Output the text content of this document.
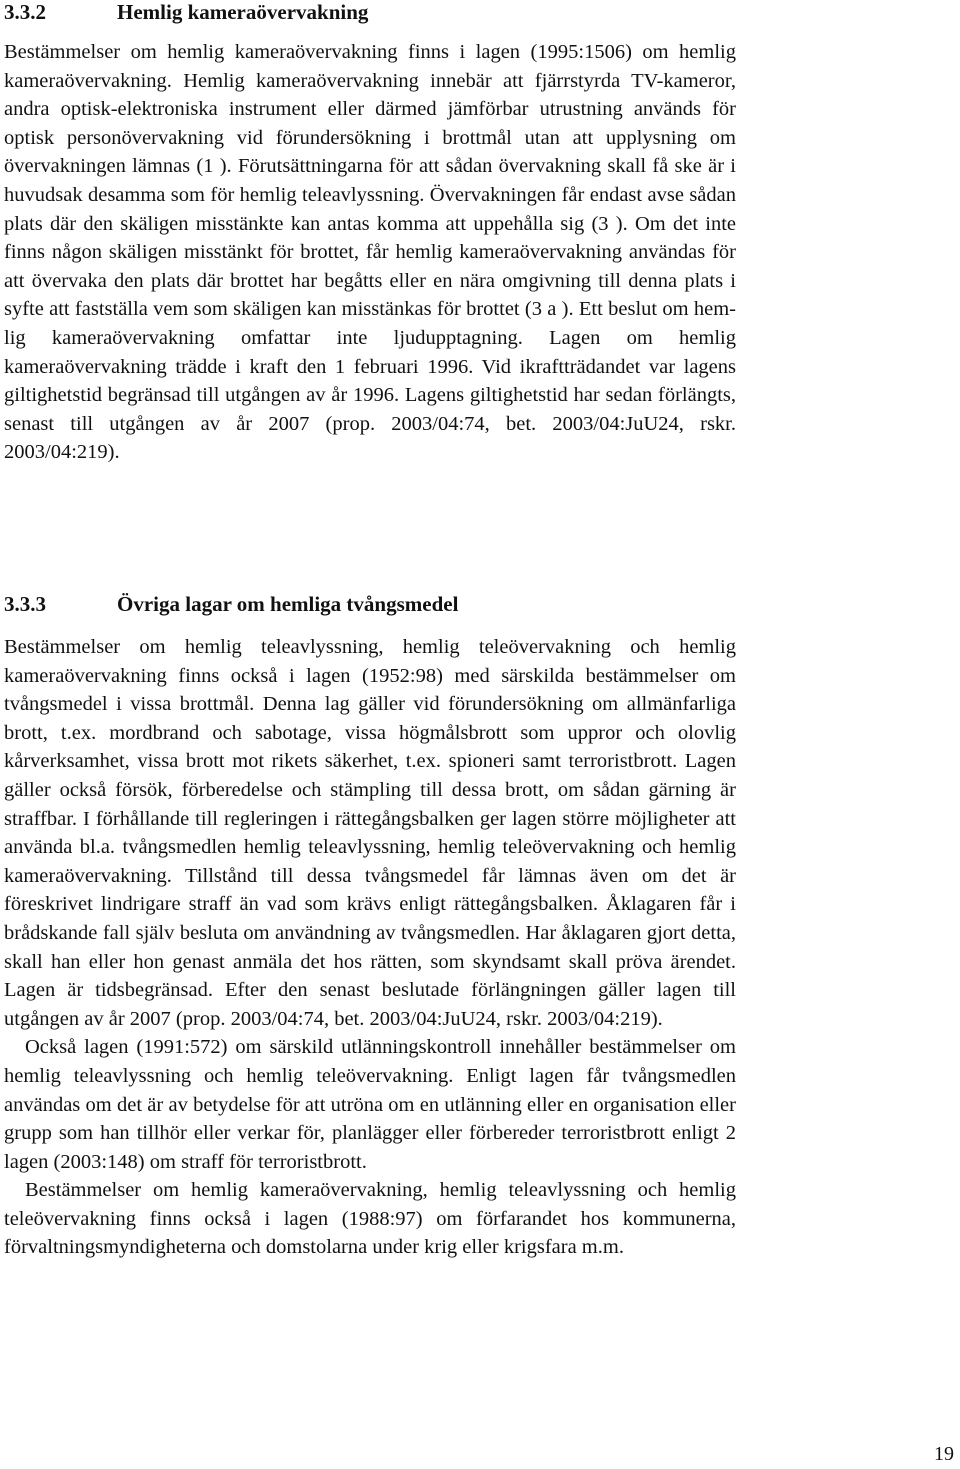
3.3.2	Hemlig kameraövervakning

Bestämmelser om hemlig kameraövervakning finns i lagen (1995:1506) om hemlig kameraövervakning. Hemlig kameraövervakning innebär att fjärrstyrda TV-kameror, andra optisk-elektroniska instrument eller därmed jämförbar utrustning används för optisk personövervakning vid förundersökning i brottmål utan att upplysning om övervakningen lämnas (1 ). Förutsättningarna för att sådan övervakning skall få ske är i huvudsak desamma som för hemlig teleavlyssning. Övervakningen får endast avse sådan plats där den skäligen misstänkte kan antas komma att uppehålla sig (3 ). Om det inte finns någon skäligen misstänkt för brottet, får hemlig kameraövervakning användas för att övervaka den plats där brottet har begåtts eller en nära omgivning till denna plats i syfte att fastställa vem som skäligen kan misstänkas för brottet (3 a ). Ett beslut om hemlig kameraövervakning omfattar inte ljudupptagning. Lagen om hemlig kameraövervakning trädde i kraft den 1 februari 1996. Vid ikraftträdandet var lagens giltighetstid begränsad till utgången av år 1996. Lagens giltighetstid har sedan förlängts, senast till utgången av år 2007 (prop. 2003/04:74, bet. 2003/04:JuU24, rskr. 2003/04:219).

3.3.3	Övriga lagar om hemliga tvångsmedel

Bestämmelser om hemlig teleavlyssning, hemlig teleövervakning och hemlig kameraövervakning finns också i lagen (1952:98) med särskilda bestämmelser om tvångsmedel i vissa brottmål. Denna lag gäller vid förundersökning om allmänfarliga brott, t.ex. mordbrand och sabotage, vissa högmålsbrott som uppror och olovlig kårverksamhet, vissa brott mot rikets säkerhet, t.ex. spioneri samt terroristbrott. Lagen gäller också försök, förberedelse och stämpling till dessa brott, om sådan gärning är straffbar. I förhållande till regleringen i rättegångsbalken ger lagen större möjligheter att använda bl.a. tvångsmedlen hemlig teleavlyssning, hemlig teleövervakning och hemlig kameraövervakning. Tillstånd till dessa tvångsmedel får lämnas även om det är föreskrivet lindrigare straff än vad som krävs enligt rättegångsbalken. Åklagaren får i brådskande fall själv besluta om användning av tvångsmedlen. Har åklagaren gjort detta, skall han eller hon genast anmäla det hos rätten, som skyndsamt skall pröva ärendet. Lagen är tidsbegränsad. Efter den senast beslutade förlängningen gäller lagen till utgången av år 2007 (prop. 2003/04:74, bet. 2003/04:JuU24, rskr. 2003/04:219).

Också lagen (1991:572) om särskild utlänningskontroll innehåller bestämmelser om hemlig teleavlyssning och hemlig teleövervakning. Enligt lagen får tvångsmedlen användas om det är av betydelse för att utröna om en utlänning eller en organisation eller grupp som han tillhör eller verkar för, planlägger eller förbereder terroristbrott enligt 2 lagen (2003:148) om straff för terroristbrott.

Bestämmelser om hemlig kameraövervakning, hemlig teleavlyssning och hemlig teleövervakning finns också i lagen (1988:97) om förfarandet hos kommunerna, förvaltningsmyndigheterna och domstolarna under krig eller krigsfara m.m.

19
